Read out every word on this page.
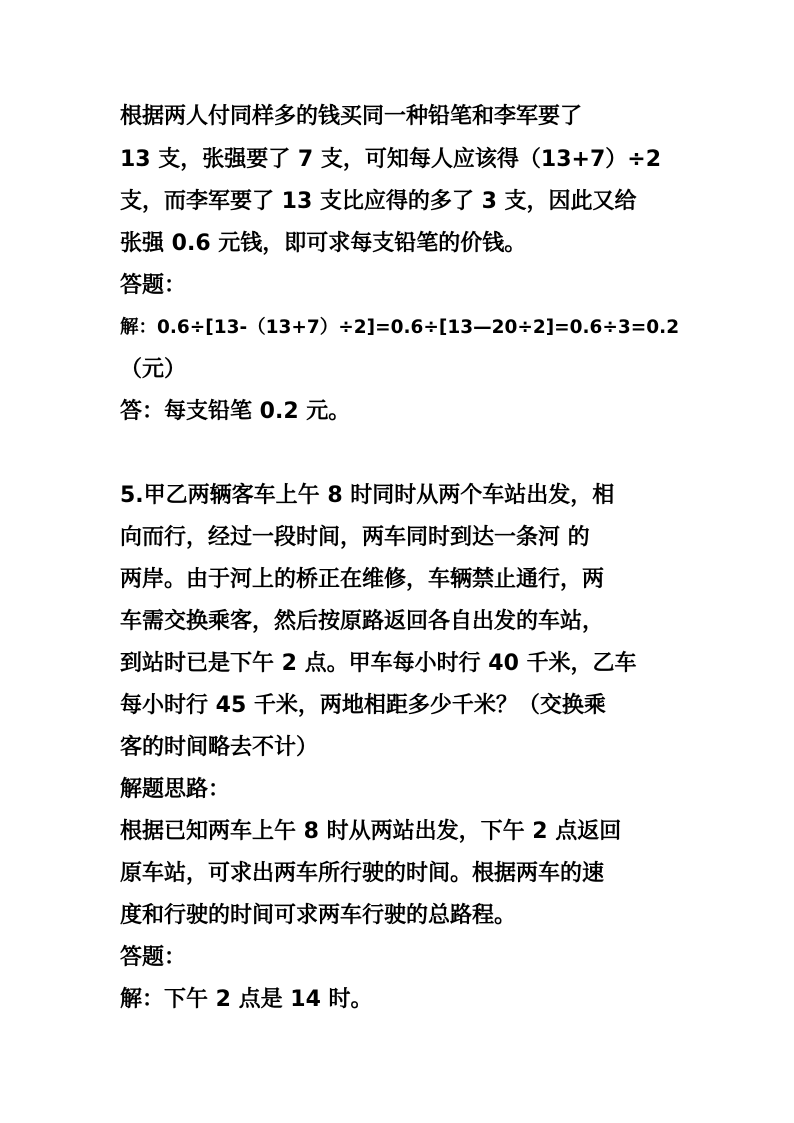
根据两人付同样多的钱买同一种铅笔和李军要了

13 支，张强要了 7 支，可知每人应该得（13+7）÷2

支，而李军要了 13 支比应得的多了 3 支，因此又给

张强 0.6 元钱，即可求每支铅笔的价钱。

答题：

解：0.6÷[13-（13+7）÷2]=0.6÷[13—20÷2]=0.6÷3=0.2

（元）

答：每支铅笔 0.2 元。

5.甲乙两辆客车上午 8 时同时从两个车站出发，相

向而行，经过一段时间，两车同时到达一条河 的

两岸。由于河上的桥正在维修，车辆禁止通行，两

车需交换乘客，然后按原路返回各自出发的车站，

到站时已是下午 2 点。甲车每小时行 40 千米，乙车

每小时行 45 千米，两地相距多少千米？（交换乘

客的时间略去不计）

解题思路：

根据已知两车上午 8 时从两站出发，下午 2 点返回

原车站，可求出两车所行驶的时间。根据两车的速

度和行驶的时间可求两车行驶的总路程。

答题：

解：下午 2 点是 14 时。
